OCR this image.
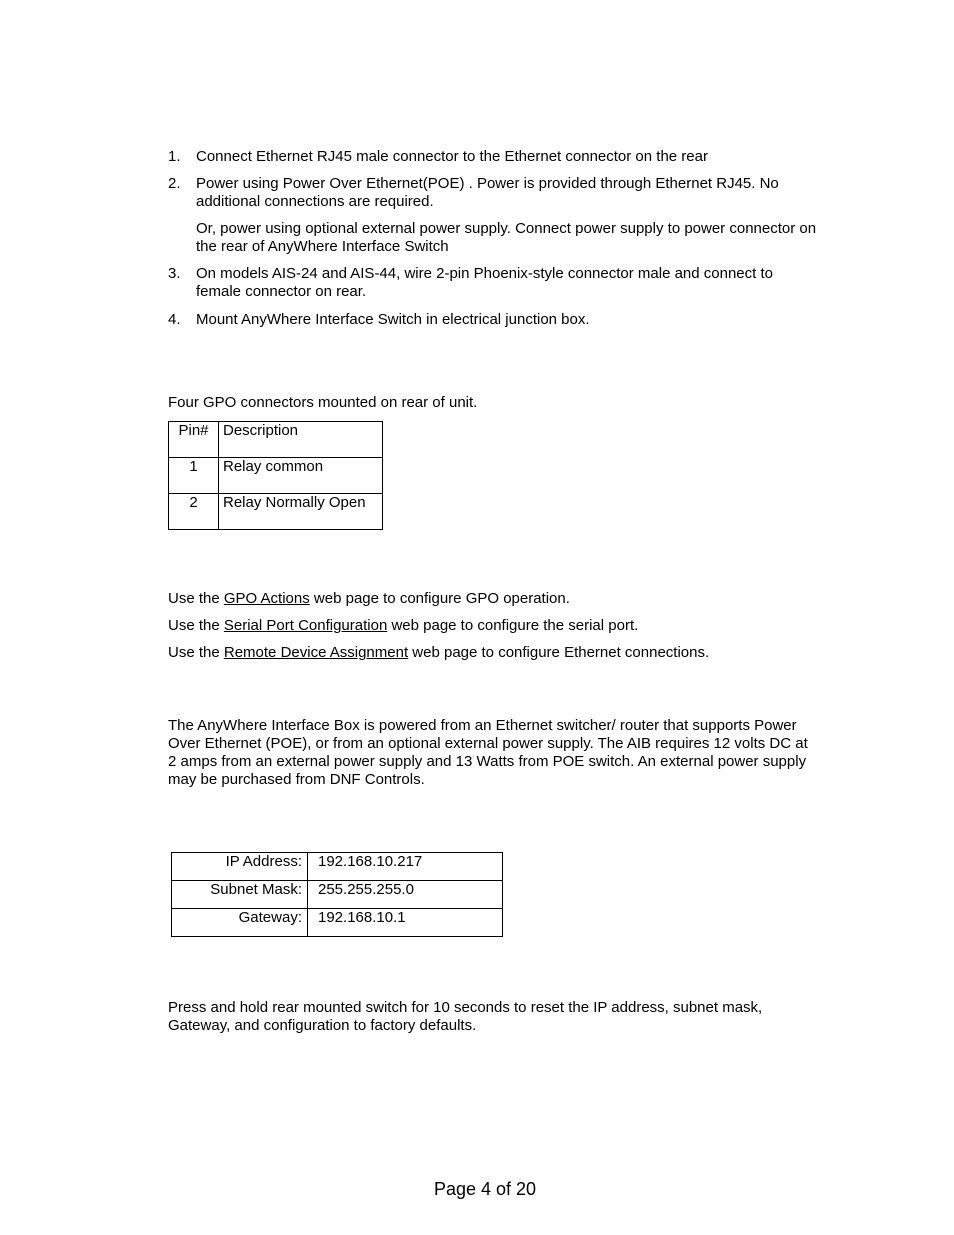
1. Connect Ethernet RJ45 male connector to the Ethernet connector on the rear
2. Power using Power Over Ethernet(POE) . Power is provided through Ethernet RJ45. No additional connections are required.
Or, power using optional external power supply. Connect power supply to power connector on the rear of AnyWhere Interface Switch
3. On models AIS-24 and AIS-44, wire 2-pin Phoenix-style connector male and connect to female connector on rear.
4. Mount AnyWhere Interface Switch in electrical junction box.
Four GPO connectors mounted on rear of unit.
Pin#	Description
1	Relay common
2	Relay Normally Open
Use the GPO Actions web page to configure GPO operation.
Use the Serial Port Configuration web page to configure the serial port.
Use the Remote Device Assignment web page to configure Ethernet connections.
The AnyWhere Interface Box is powered from an Ethernet switcher/ router that supports Power Over Ethernet (POE), or from an optional external power supply. The AIB requires 12 volts DC at 2 amps from an external power supply and 13 Watts from POE switch. An external power supply may be purchased from DNF Controls.
IP Address:	192.168.10.217
Subnet Mask:	255.255.255.0
Gateway:	192.168.10.1
Press and hold rear mounted switch for 10 seconds to reset the IP address, subnet mask, Gateway, and configuration to factory defaults.
Page 4 of 20
